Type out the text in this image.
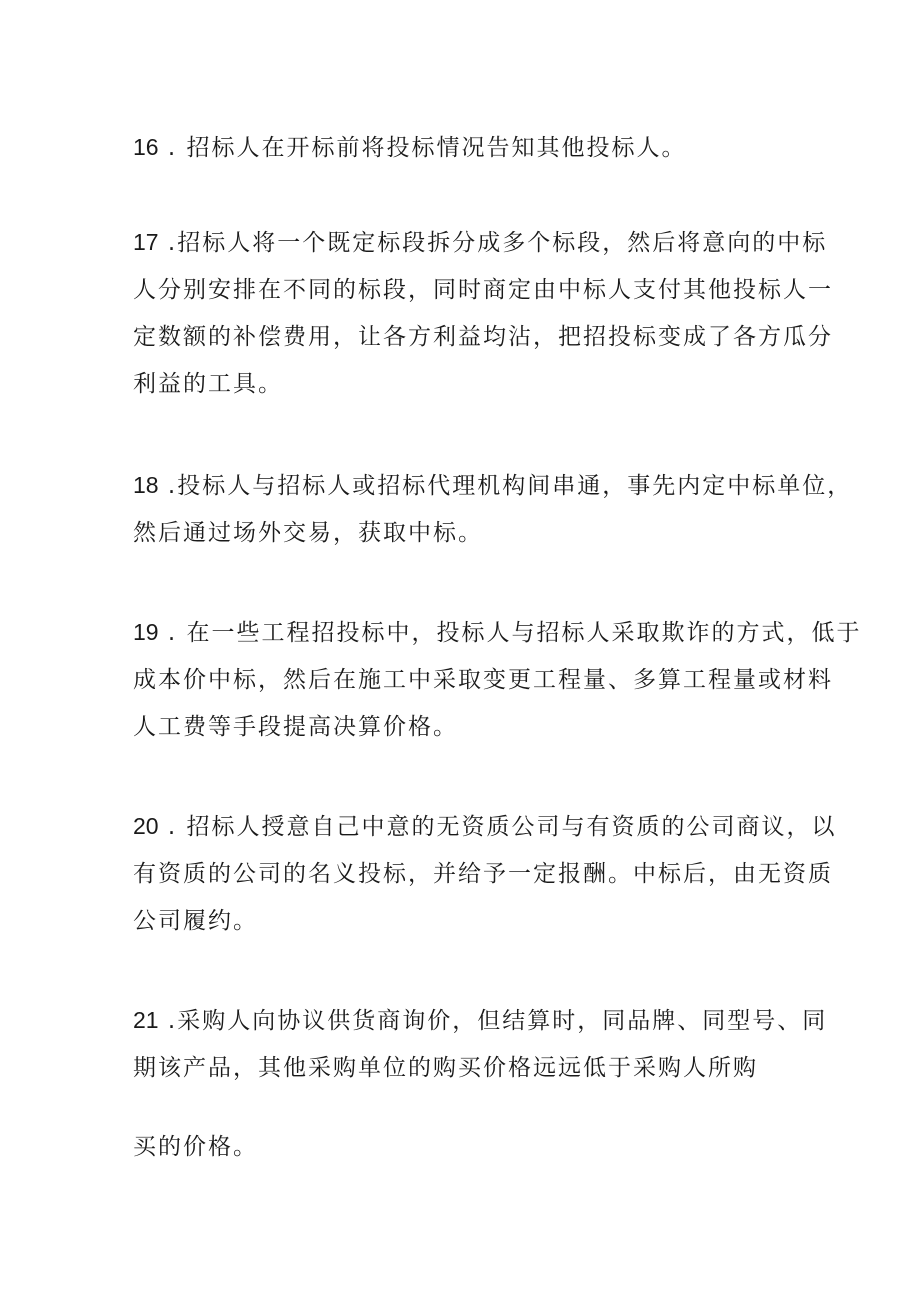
16 . 招标人在开标前将投标情况告知其他投标人。

17 .招标人将一个既定标段拆分成多个标段，然后将意向的中标
人分别安排在不同的标段，同时商定由中标人支付其他投标人一
定数额的补偿费用，让各方利益均沾，把招投标变成了各方瓜分
利益的工具。

18 .投标人与招标人或招标代理机构间串通，事先内定中标单位，
然后通过场外交易，获取中标。

19 . 在一些工程招投标中，投标人与招标人采取欺诈的方式，低于
成本价中标，然后在施工中采取变更工程量、多算工程量或材料
人工费等手段提高决算价格。

20 . 招标人授意自己中意的无资质公司与有资质的公司商议，以
有资质的公司的名义投标，并给予一定报酬。中标后，由无资质
公司履约。

21 .采购人向协议供货商询价，但结算时，同品牌、同型号、同
期该产品，其他采购单位的购买价格远远低于采购人所购

买的价格。
